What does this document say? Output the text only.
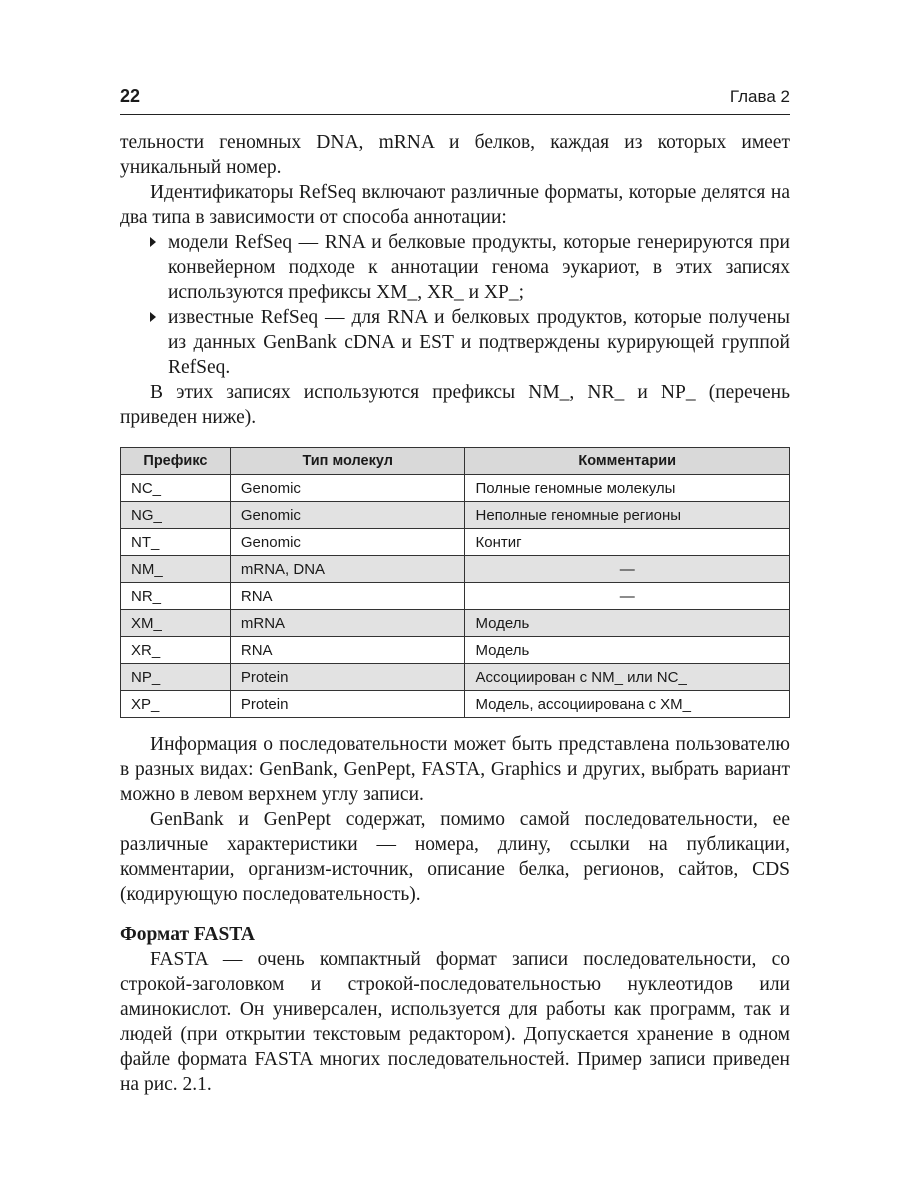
22	Глава 2

тельности геномных DNA, mRNA и белков, каждая из которых имеет уникальный номер.

Идентификаторы RefSeq включают различные форматы, которые делятся на два типа в зависимости от способа аннотации:

модели RefSeq — RNA и белковые продукты, которые генерируются при конвейерном подходе к аннотации генома эукариот, в этих записях используются префиксы XM_, XR_ и XP_;
известные RefSeq — для RNA и белковых продуктов, которые получены из данных GenBank cDNA и EST и подтверждены курирующей группой RefSeq.

В этих записях используются префиксы NM_, NR_ и NP_ (перечень приведен ниже).

Префикс	Тип молекул	Комментарии
NC_	Genomic	Полные геномные молекулы
NG_	Genomic	Неполные геномные регионы
NT_	Genomic	Контиг
NM_	mRNA, DNA	—
NR_	RNA	—
XM_	mRNA	Модель
XR_	RNA	Модель
NP_	Protein	Ассоциирован с NM_ или NC_
XP_	Protein	Модель, ассоциирована с XM_

Информация о последовательности может быть представлена пользователю в разных видах: GenBank, GenPept, FASTA, Graphics и других, выбрать вариант можно в левом верхнем углу записи.

GenBank и GenPept содержат, помимо самой последовательности, ее различные характеристики — номера, длину, ссылки на публикации, комментарии, организм-источник, описание белка, регионов, сайтов, CDS (кодирующую последовательность).

Формат FASTA

FASTA — очень компактный формат записи последовательности, со строкой-заголовком и строкой-последовательностью нуклеотидов или аминокислот. Он универсален, используется для работы как программ, так и людей (при открытии текстовым редактором). Допускается хранение в одном файле формата FASTA многих последовательностей. Пример записи приведен на рис. 2.1.
